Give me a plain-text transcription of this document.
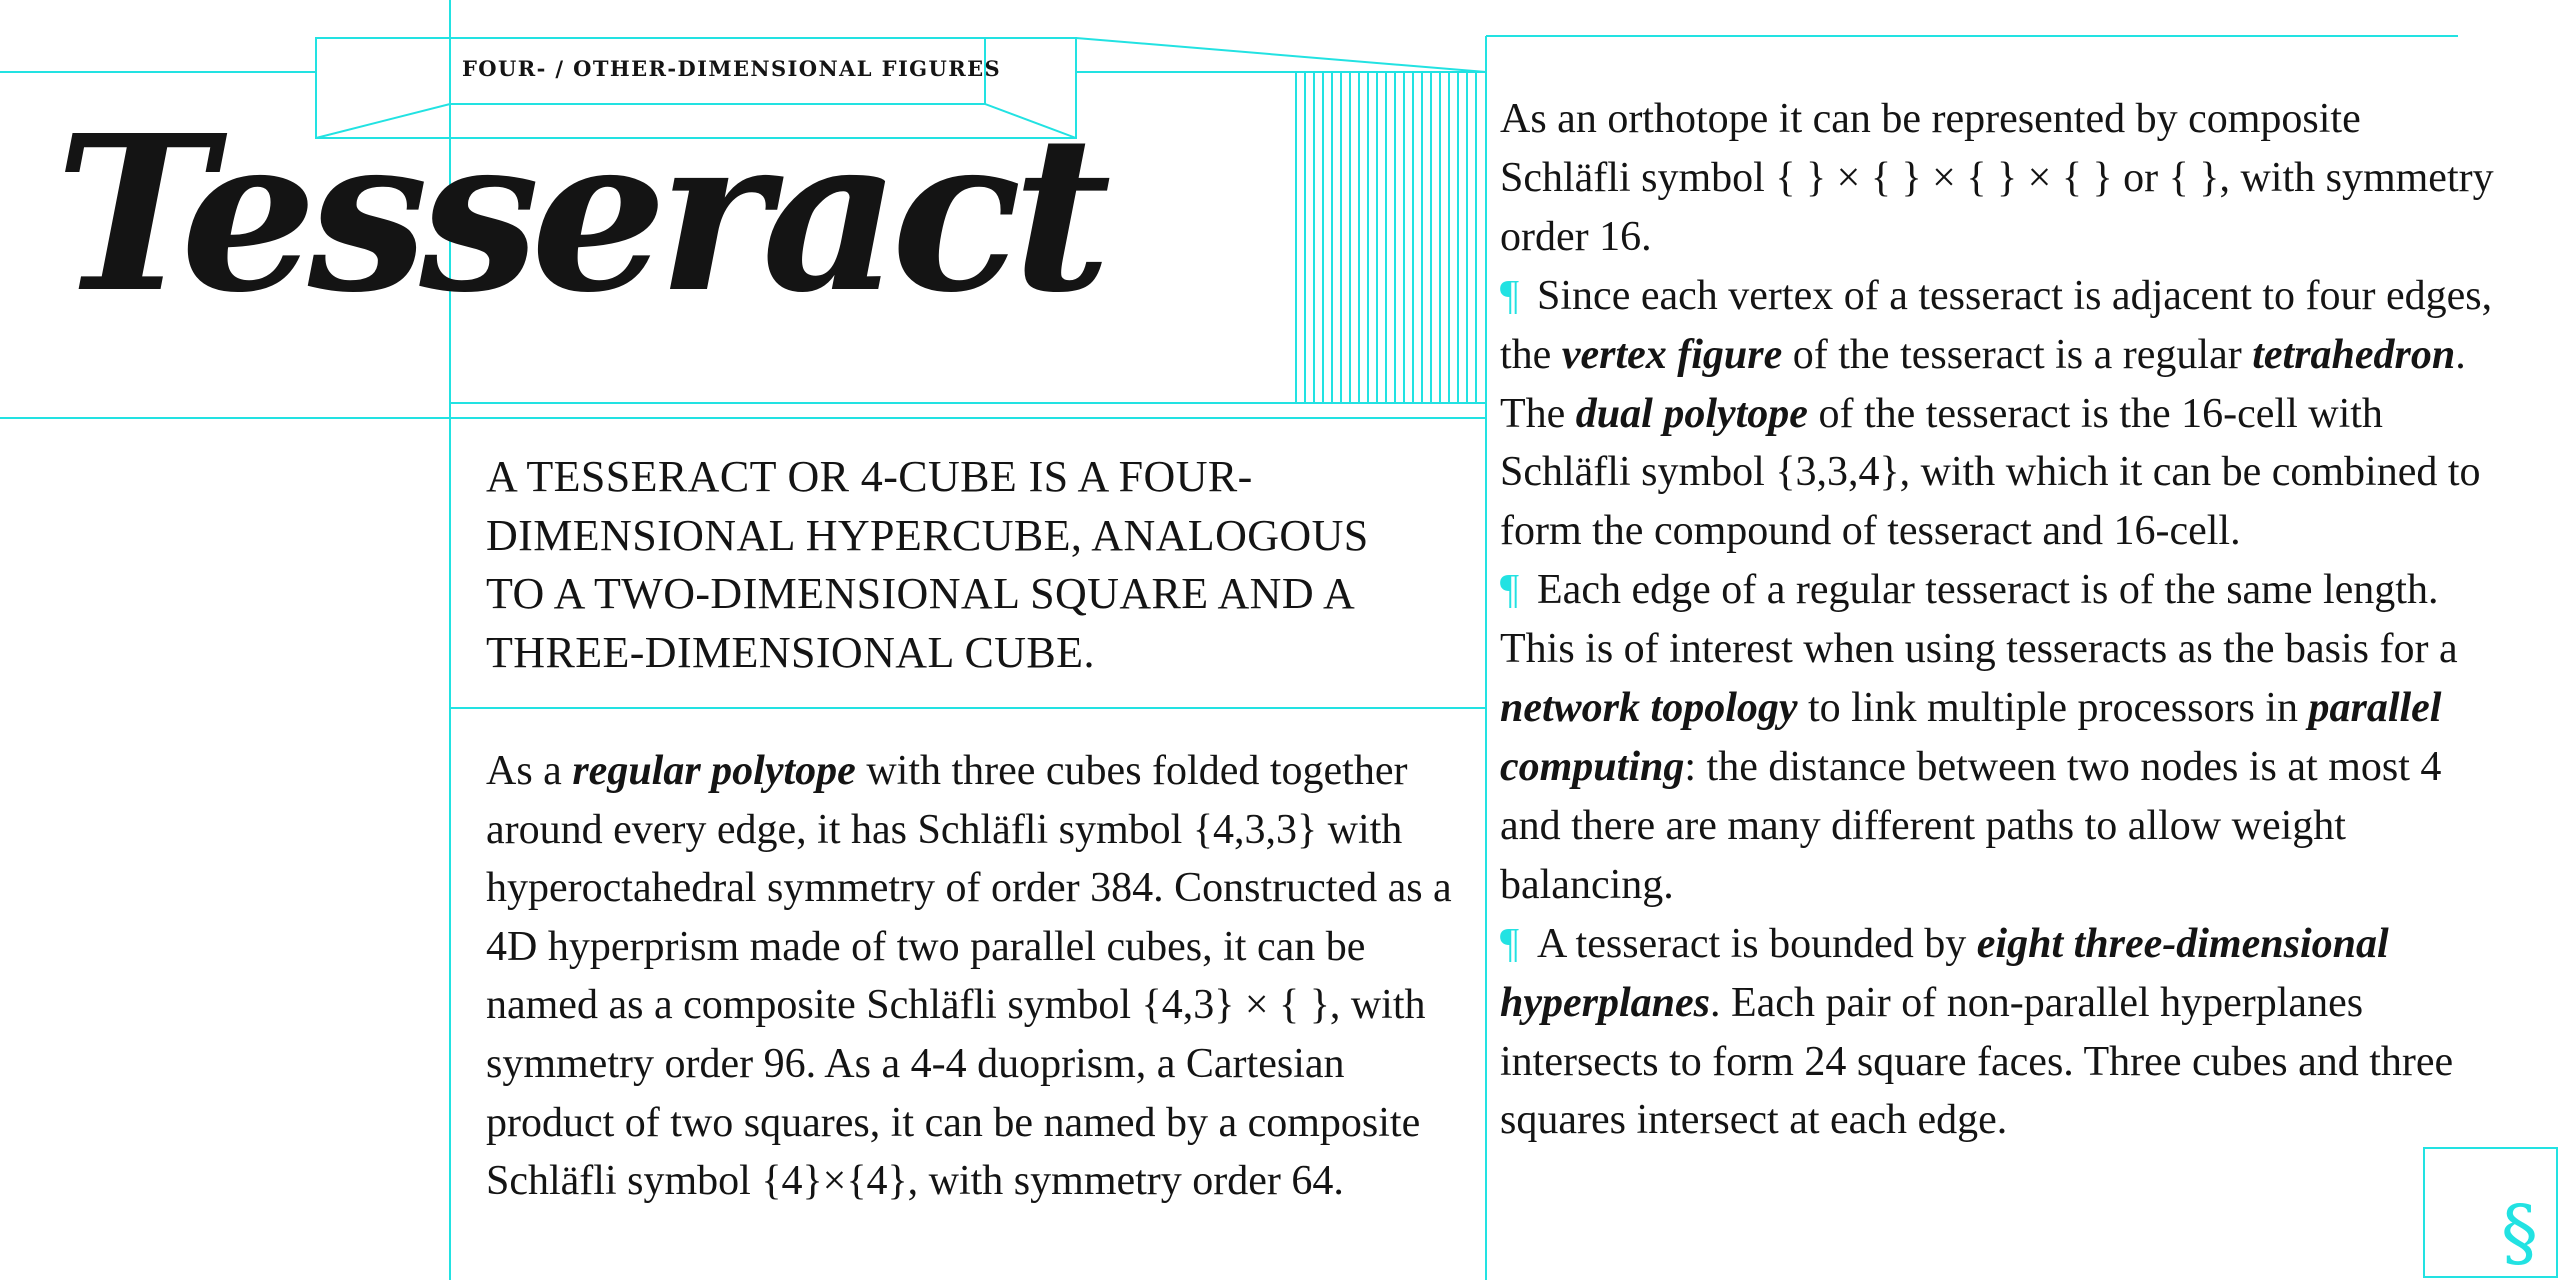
FOUR- / OTHER-DIMENSIONAL FIGURES

Tesseract

A TESSERACT OR 4-CUBE IS A FOUR-DIMENSIONAL HYPERCUBE, ANALOGOUS TO A TWO-DIMENSIONAL SQUARE AND A THREE-DIMENSIONAL CUBE.

As a regular polytope with three cubes folded together around every edge, it has Schläfli symbol {4,3,3} with hyperoctahedral symmetry of order 384. Constructed as a 4D hyperprism made of two parallel cubes, it can be named as a composite Schläfli symbol {4,3} × { }, with symmetry order 96. As a 4-4 duoprism, a Cartesian product of two squares, it can be named by a composite Schläfli symbol {4}×{4}, with symmetry order 64.

As an orthotope it can be represented by composite Schläfli symbol { } × { } × { } × { } or { }, with symmetry order 16.

¶ Since each vertex of a tesseract is adjacent to four edges, the vertex figure of the tesseract is a regular tetrahedron. The dual polytope of the tesseract is the 16-cell with Schläfli symbol {3,3,4}, with which it can be combined to form the compound of tesseract and 16-cell.

¶ Each edge of a regular tesseract is of the same length. This is of interest when using tesseracts as the basis for a network topology to link multiple processors in parallel computing: the distance between two nodes is at most 4 and there are many different paths to allow weight balancing.

¶ A tesseract is bounded by eight three-dimensional hyperplanes. Each pair of non-parallel hyperplanes intersects to form 24 square faces. Three cubes and three squares intersect at each edge.

§
